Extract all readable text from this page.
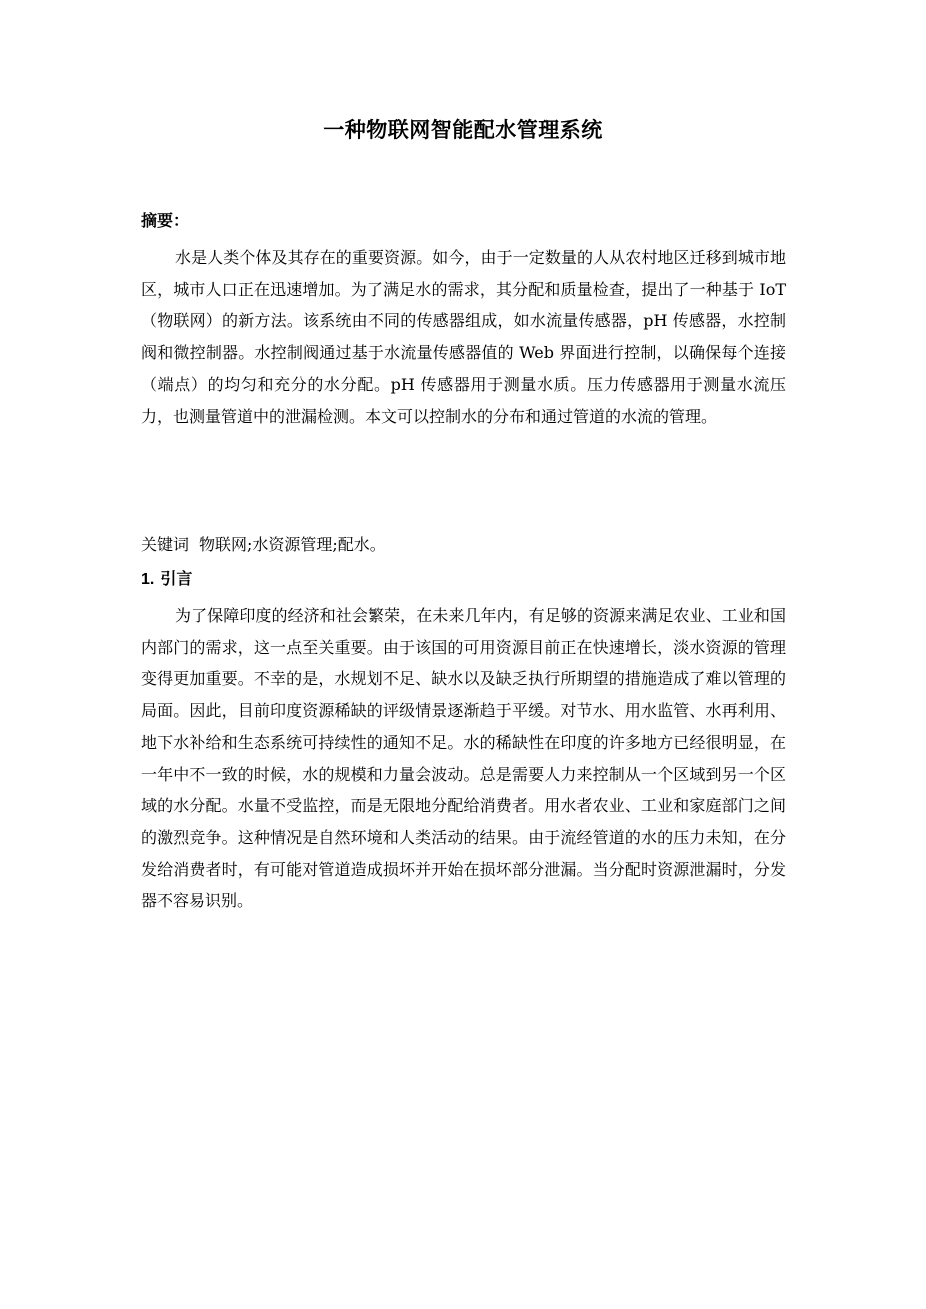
一种物联网智能配水管理系统
摘要：
水是人类个体及其存在的重要资源。如今，由于一定数量的人从农村地区迁移到城市地区，城市人口正在迅速增加。为了满足水的需求，其分配和质量检查，提出了一种基于 IoT（物联网）的新方法。该系统由不同的传感器组成，如水流量传感器，pH 传感器，水控制阀和微控制器。水控制阀通过基于水流量传感器值的 Web 界面进行控制，以确保每个连接（端点）的均匀和充分的水分配。pH 传感器用于测量水质。压力传感器用于测量水流压力，也测量管道中的泄漏检测。本文可以控制水的分布和通过管道的水流的管理。
关键词 物联网;水资源管理;配水。
1. 引言
为了保障印度的经济和社会繁荣，在未来几年内，有足够的资源来满足农业、工业和国内部门的需求，这一点至关重要。由于该国的可用资源目前正在快速增长，淡水资源的管理变得更加重要。不幸的是，水规划不足、缺水以及缺乏执行所期望的措施造成了难以管理的局面。因此，目前印度资源稀缺的评级情景逐渐趋于平缓。对节水、用水监管、水再利用、地下水补给和生态系统可持续性的通知不足。水的稀缺性在印度的许多地方已经很明显，在一年中不一致的时候，水的规模和力量会波动。总是需要人力来控制从一个区域到另一个区域的水分配。水量不受监控，而是无限地分配给消费者。用水者农业、工业和家庭部门之间的激烈竞争。这种情况是自然环境和人类活动的结果。由于流经管道的水的压力未知，在分发给消费者时，有可能对管道造成损坏并开始在损坏部分泄漏。当分配时资源泄漏时，分发器不容易识别。
